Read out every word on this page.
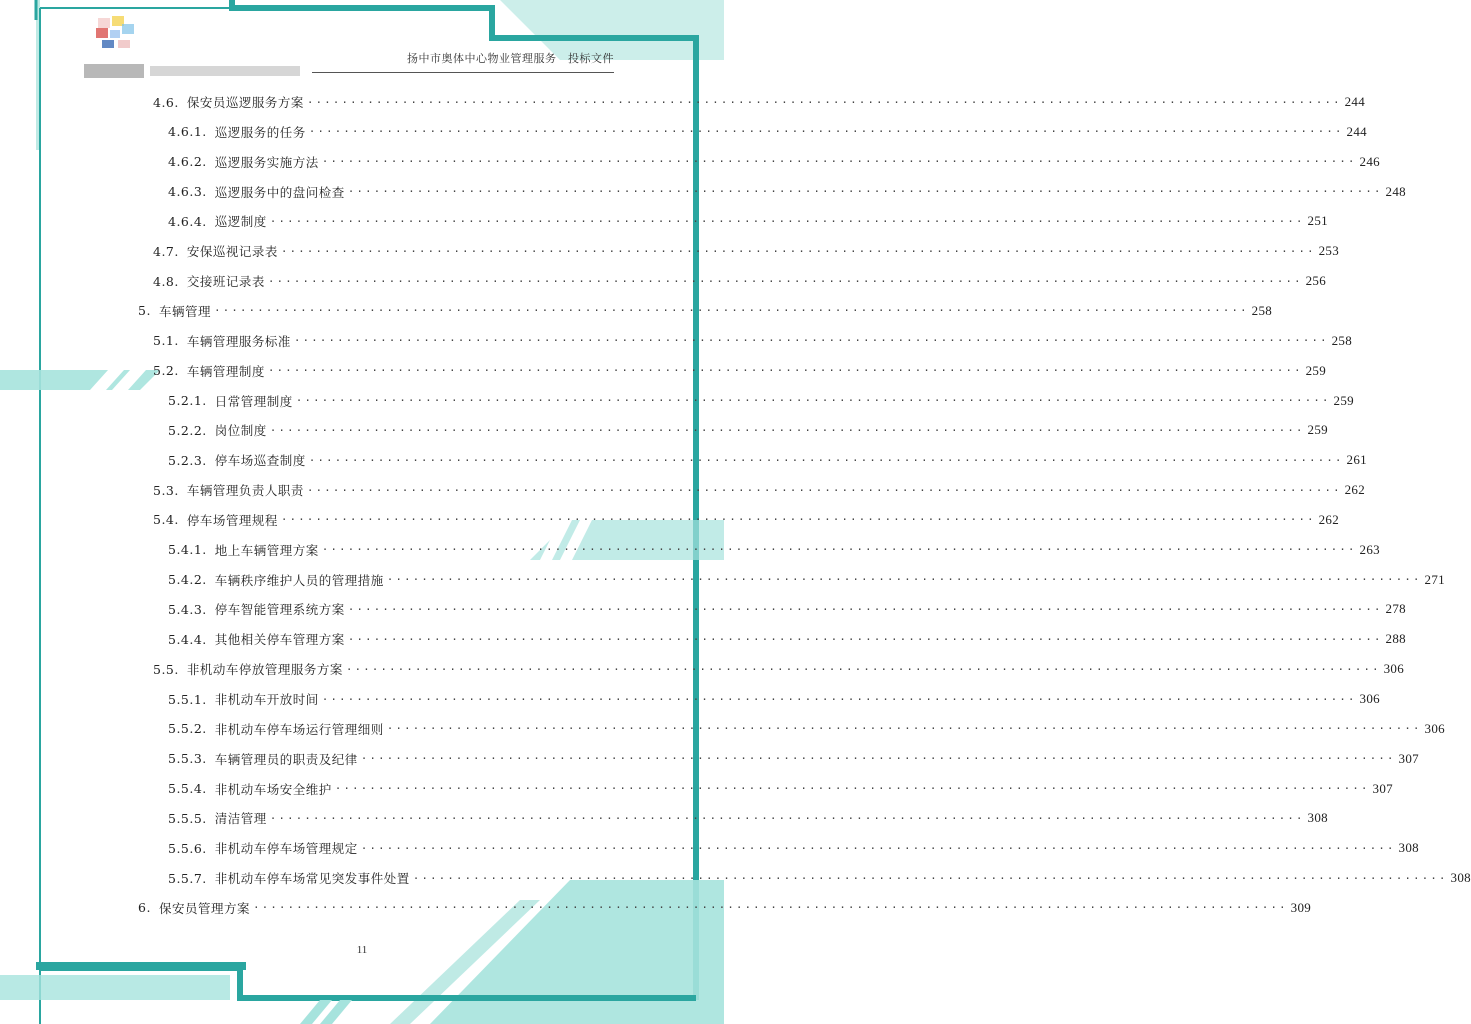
扬中市奥体中心物业管理服务　投标文件
4.6. 保安员巡逻服务方案 ........................................................................................................................ 244
4.6.1. 巡逻服务的任务 ........................................................................................................................ 244
4.6.2. 巡逻服务实施方法 ........................................................................................................................ 246
4.6.3. 巡逻服务中的盘问检查 ........................................................................................................................ 248
4.6.4. 巡逻制度 ........................................................................................................................ 251
4.7. 安保巡视记录表 ........................................................................................................................ 253
4.8. 交接班记录表 ........................................................................................................................ 256
5. 车辆管理 ........................................................................................................................ 258
5.1. 车辆管理服务标准 ........................................................................................................................ 258
5.2. 车辆管理制度 ........................................................................................................................ 259
5.2.1. 日常管理制度 ........................................................................................................................ 259
5.2.2. 岗位制度 ........................................................................................................................ 259
5.2.3. 停车场巡查制度 ........................................................................................................................ 261
5.3. 车辆管理负责人职责 ........................................................................................................................ 262
5.4. 停车场管理规程 ........................................................................................................................ 262
5.4.1. 地上车辆管理方案 ........................................................................................................................ 263
5.4.2. 车辆秩序维护人员的管理措施 ........................................................................................................................ 271
5.4.3. 停车智能管理系统方案 ........................................................................................................................ 278
5.4.4. 其他相关停车管理方案 ........................................................................................................................ 288
5.5. 非机动车停放管理服务方案 ........................................................................................................................ 306
5.5.1. 非机动车开放时间 ........................................................................................................................ 306
5.5.2. 非机动车停车场运行管理细则 ........................................................................................................................ 306
5.5.3. 车辆管理员的职责及纪律 ........................................................................................................................ 307
5.5.4. 非机动车场安全维护 ........................................................................................................................ 307
5.5.5. 清洁管理 ........................................................................................................................ 308
5.5.6. 非机动车停车场管理规定 ........................................................................................................................ 308
5.5.7. 非机动车停车场常见突发事件处置 ........................................................................................................................ 308
6. 保安员管理方案 ........................................................................................................................ 309
11
